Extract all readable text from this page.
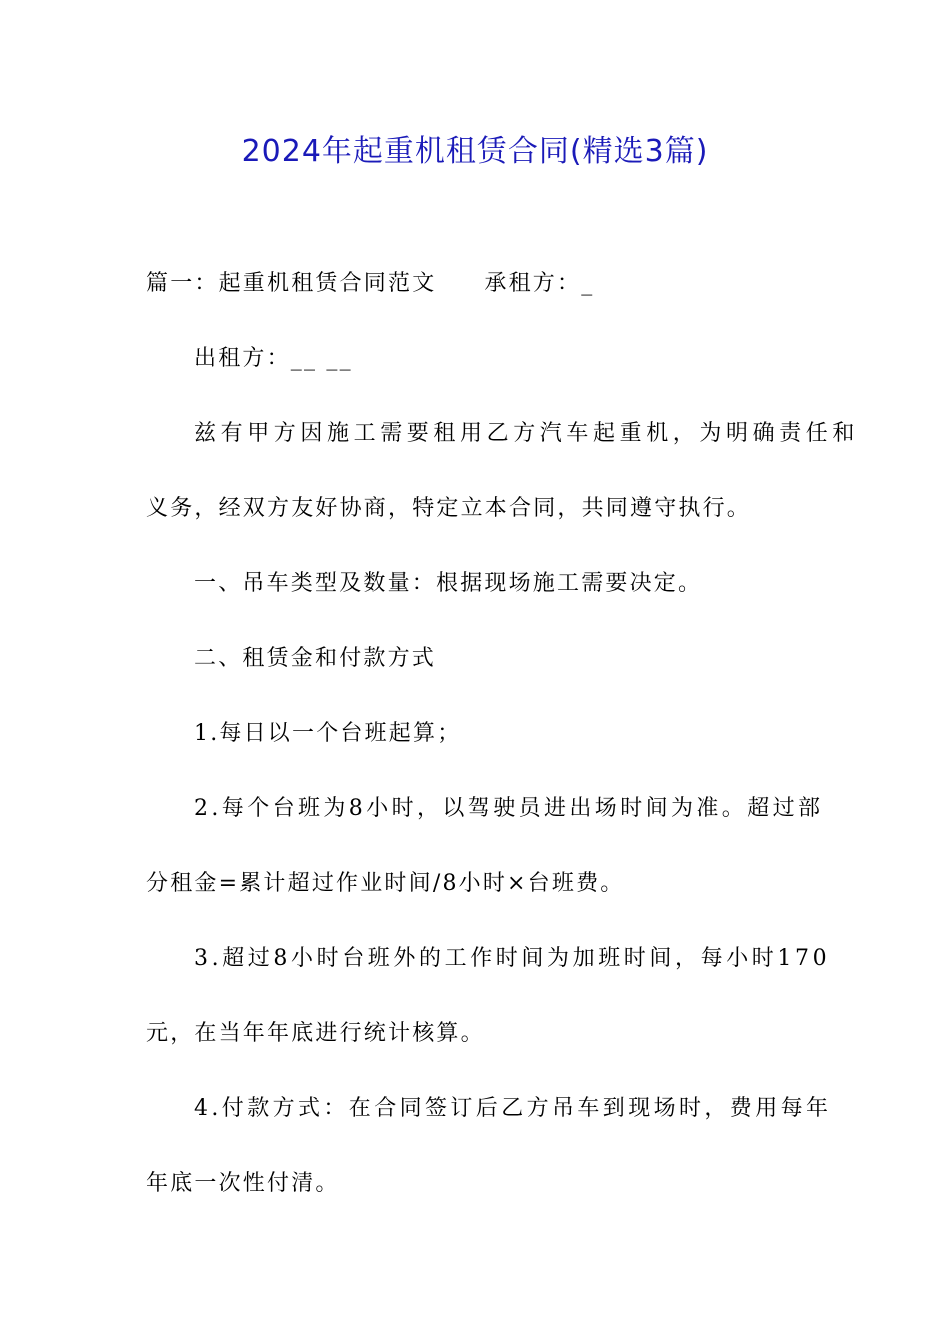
2024年起重机租赁合同(精选3篇)
篇一：起重机租赁合同范文 承租方：_
出租方：__ __
兹有甲方因施工需要租用乙方汽车起重机，为明确责任和
义务，经双方友好协商，特定立本合同，共同遵守执行。
一、吊车类型及数量：根据现场施工需要决定。
二、租赁金和付款方式
1.每日以一个台班起算；
2.每个台班为8小时，以驾驶员进出场时间为准。超过部
分租金=累计超过作业时间/8小时×台班费。
3.超过8小时台班外的工作时间为加班时间，每小时170
元，在当年年底进行统计核算。
4.付款方式：在合同签订后乙方吊车到现场时，费用每年
年底一次性付清。
